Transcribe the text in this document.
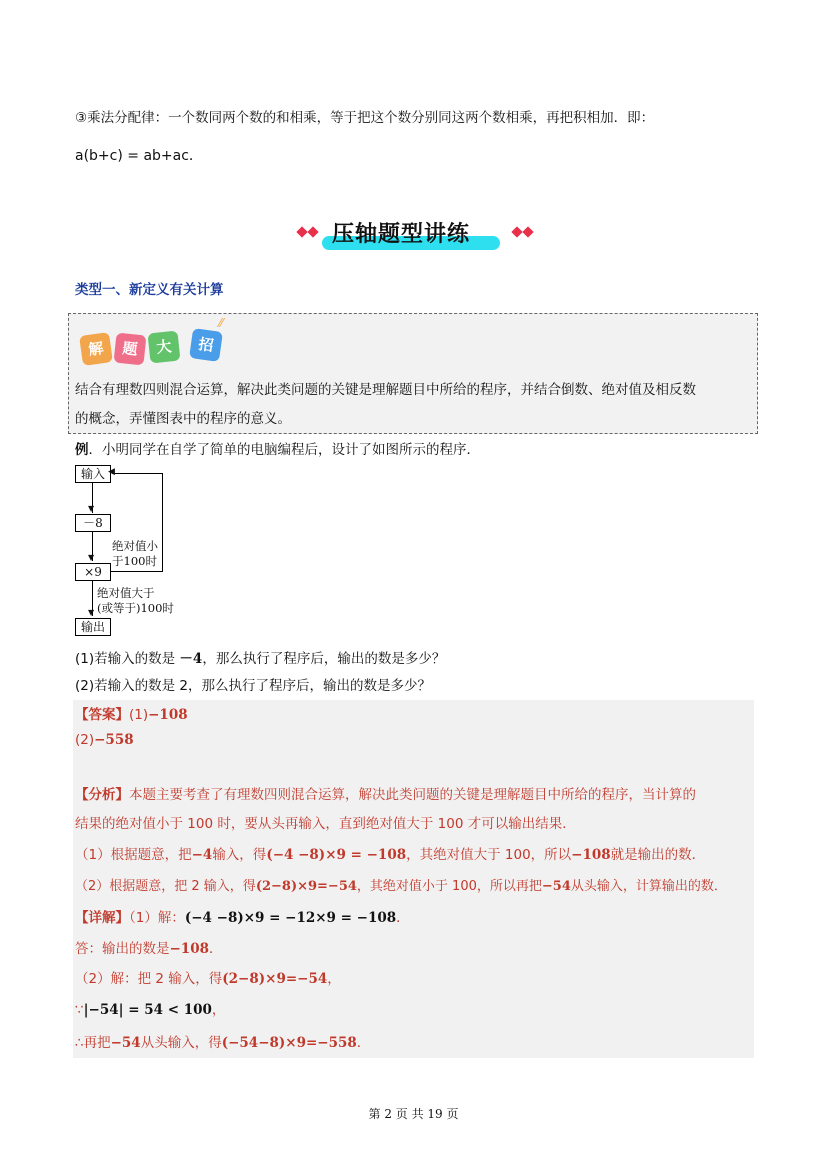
③乘法分配律：一个数同两个数的和相乘，等于把这个数分别同这两个数相乘，再把积相加．即：
a(b+c) = ab+ac．
压轴题型讲练
类型一、新定义有关计算
解	题	大	招
⁄⁄
结合有理数四则混合运算，解决此类问题的关键是理解题目中所给的程序，并结合倒数、绝对值及相反数
的概念，弄懂图表中的程序的意义。
例．小明同学在自学了简单的电脑编程后，设计了如图所示的程序．
输入
▼
－8
▼
×9
▼
输出
◀
绝对值小
于100时
绝对值大于
(或等于)100时
(1)若输入的数是 －4，那么执行了程序后，输出的数是多少？
(2)若输入的数是 2，那么执行了程序后，输出的数是多少？
【答案】(1)−108
(2)−558
【分析】本题主要考查了有理数四则混合运算，解决此类问题的关键是理解题目中所给的程序，当计算的
结果的绝对值小于 100 时，要从头再输入，直到绝对值大于 100 才可以输出结果．
（1）根据题意，把−4输入，得(−4 −8)×9 = −108，其绝对值大于 100，所以−108就是输出的数．
（2）根据题意，把 2 输入，得(2−8)×9=−54，其绝对值小于 100，所以再把−54从头输入，计算输出的数．
【详解】（1）解：(−4 −8)×9 = −12×9 = −108．
答：输出的数是−108．
（2）解：把 2 输入，得(2−8)×9=−54，
∵|−54| = 54 < 100，
∴再把−54从头输入，得(−54−8)×9=−558．
第 2 页 共 19 页
